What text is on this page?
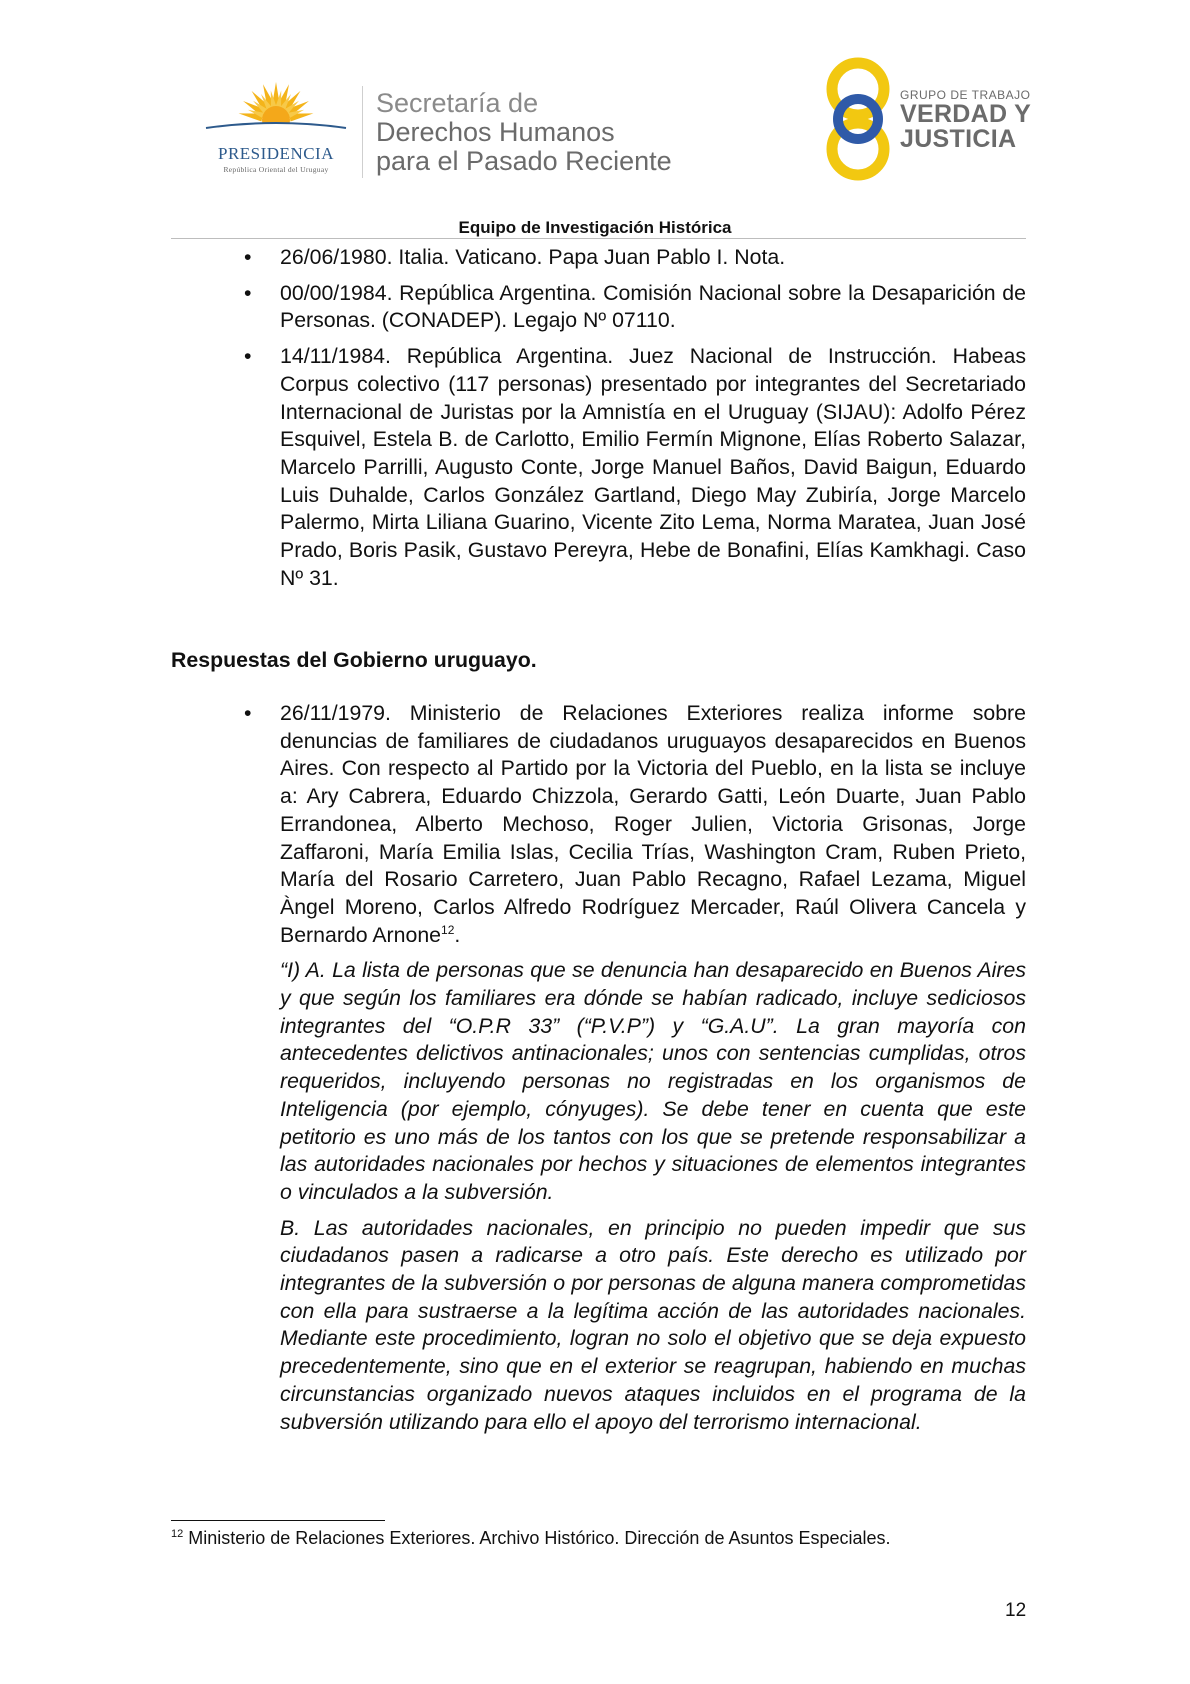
PRESIDENCIA
República Oriental del Uruguay
Secretaría de
Derechos Humanos
para el Pasado Reciente
GRUPO DE TRABAJO
VERDAD Y
JUSTICIA
Equipo de Investigación Histórica
• 26/06/1980. Italia. Vaticano. Papa Juan Pablo I. Nota.
• 00/00/1984. República Argentina. Comisión Nacional sobre la Desaparición de Personas. (CONADEP). Legajo Nº 07110.
• 14/11/1984. República Argentina. Juez Nacional de Instrucción. Habeas Corpus colectivo (117 personas) presentado por integrantes del Secretariado Internacional de Juristas por la Amnistía en el Uruguay (SIJAU): Adolfo Pérez Esquivel, Estela B. de Carlotto, Emilio Fermín Mignone, Elías Roberto Salazar, Marcelo Parrilli, Augusto Conte, Jorge Manuel Baños, David Baigun, Eduardo Luis Duhalde, Carlos González Gartland, Diego May Zubiría, Jorge Marcelo Palermo, Mirta Liliana Guarino, Vicente Zito Lema, Norma Maratea, Juan José Prado, Boris Pasik, Gustavo Pereyra, Hebe de Bonafini, Elías Kamkhagi. Caso Nº 31.
Respuestas del Gobierno uruguayo.
• 26/11/1979. Ministerio de Relaciones Exteriores realiza informe sobre denuncias de familiares de ciudadanos uruguayos desaparecidos en Buenos Aires. Con respecto al Partido por la Victoria del Pueblo, en la lista se incluye a: Ary Cabrera, Eduardo Chizzola, Gerardo Gatti, León Duarte, Juan Pablo Errandonea, Alberto Mechoso, Roger Julien, Victoria Grisonas, Jorge Zaffaroni, María Emilia Islas, Cecilia Trías, Washington Cram, Ruben Prieto, María del Rosario Carretero, Juan Pablo Recagno, Rafael Lezama, Miguel Àngel Moreno, Carlos Alfredo Rodríguez Mercader, Raúl Olivera Cancela y Bernardo Arnone$^{12}$.
“I) A. La lista de personas que se denuncia han desaparecido en Buenos Aires y que según los familiares era dónde se habían radicado, incluye sediciosos integrantes del “O.P.R 33” (“P.V.P”) y “G.A.U”. La gran mayoría con antecedentes delictivos antinacionales; unos con sentencias cumplidas, otros requeridos, incluyendo personas no registradas en los organismos de Inteligencia (por ejemplo, cónyuges). Se debe tener en cuenta que este petitorio es uno más de los tantos con los que se pretende responsabilizar a las autoridades nacionales por hechos y situaciones de elementos integrantes o vinculados a la subversión.
B. Las autoridades nacionales, en principio no pueden impedir que sus ciudadanos pasen a radicarse a otro país. Este derecho es utilizado por integrantes de la subversión o por personas de alguna manera comprometidas con ella para sustraerse a la legítima acción de las autoridades nacionales. Mediante este procedimiento, logran no solo el objetivo que se deja expuesto precedentemente, sino que en el exterior se reagrupan, habiendo en muchas circunstancias organizado nuevos ataques incluidos en el programa de la subversión utilizando para ello el apoyo del terrorismo internacional.
$^{12}$ Ministerio de Relaciones Exteriores. Archivo Histórico. Dirección de Asuntos Especiales.
12
